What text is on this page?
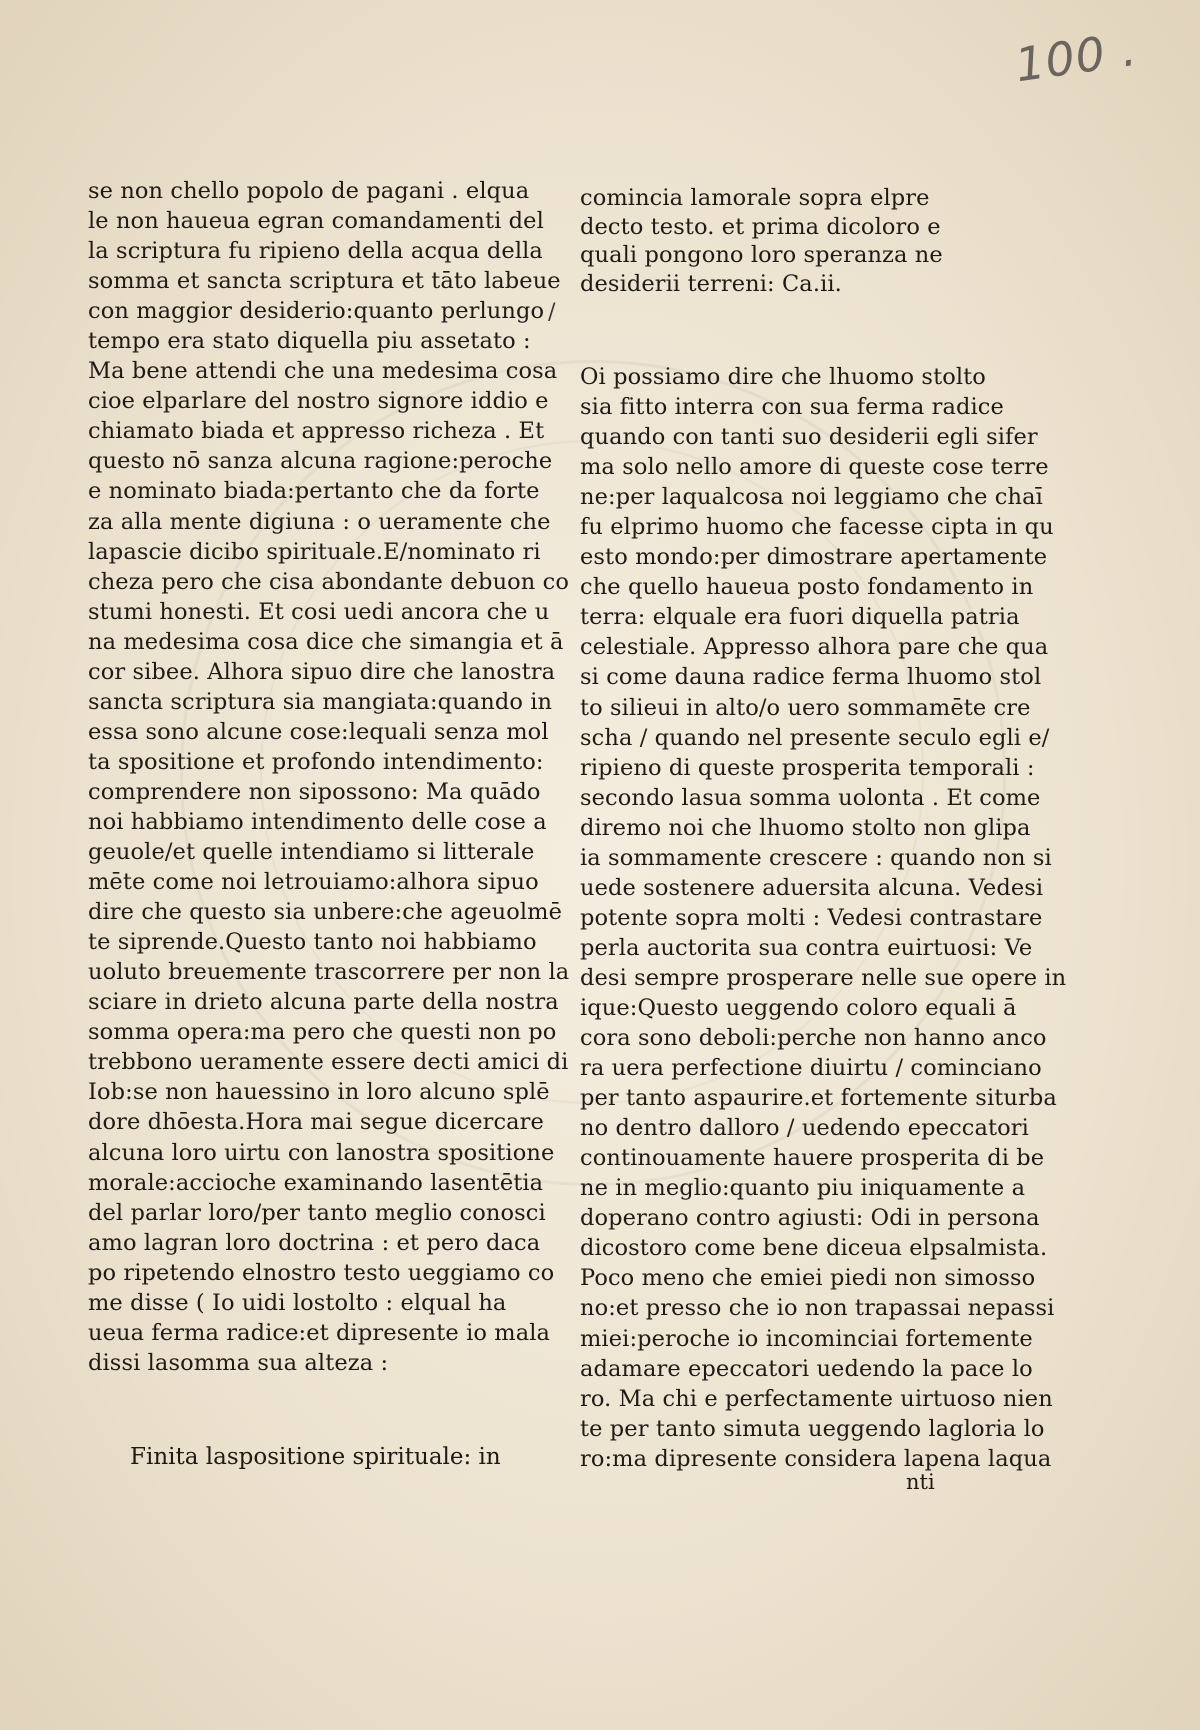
100 .
se non chello popolo de pagani . elqua
le non haueua egran comandamenti del
la scriptura fu ripieno della acqua della
somma et sancta scriptura et tāto labeue
con maggior desiderio:quanto perlungo
tempo era stato diquella piu assetato :
Ma bene attendi che una medesima cosa
cioe elparlare del nostro signore iddio e
chiamato biada et appresso richeza . Et
questo nō sanza alcuna ragione:peroche
e nominato biada:pertanto che da forte
za alla mente digiuna : o ueramente che
lapascie dicibo spirituale.E/nominato ri
cheza pero che cisa abondante debuon co
stumi honesti. Et cosi uedi ancora che u
na medesima cosa dice che simangia et ā
cor sibee. Alhora sipuo dire che lanostra
sancta scriptura sia mangiata:quando in
essa sono alcune cose:lequali senza mol
ta spositione et profondo intendimento:
comprendere non sipossono: Ma quādo
noi habbiamo intendimento delle cose a
geuole/et quelle intendiamo si litterale
mēte come noi letrouiamo:alhora sipuo
dire che questo sia unbere:che ageuolmē
te siprende.Questo tanto noi habbiamo
uoluto breuemente trascorrere per non la
sciare in drieto alcuna parte della nostra
somma opera:ma pero che questi non po
trebbono ueramente essere decti amici di
Iob:se non hauessino in loro alcuno splē
dore dhōesta.Hora mai segue dicercare
alcuna loro uirtu con lanostra spositione
morale:acciochе examinando lasentētia
del parlar loro/per tanto meglio conosci
amo lagran loro doctrina : et pero daca
po ripetendo elnostro testo ueggiamo co
me disse ( Io uidi lostolto : elqual ha
ueua ferma radice:et dipresente io mala
dissi lasomma sua alteza :
Finita laspositione spirituale: in
comincia lamorale sopra elpre
decto testo. et prima dicoloro e
quali pongono loro speranza ne
desiderii terreni: Ca.ii.
/
Oi possiamo dire che lhuomo stolto
sia fitto interra con sua ferma radice
quando con tanti suo desiderii egli sifer
ma solo nello amore di queste cose terre
ne:per laqualcosa noi leggiamo che chaī
fu elprimo huomo che facesse cipta in qu
esto mondo:per dimostrare apertamente
che quello haueua posto fondamento in
terra: elquale era fuori diquella patria
celestiale. Appresso alhora pare che qua
si come dauna radice ferma lhuomo stol
to silieui in alto/o uero sommamēte cre
scha / quando nel presente seculo egli e/
ripieno di queste prosperita temporali :
secondo lasua somma uolonta . Et come
diremo noi che lhuomo stolto non glipa
ia sommamente crescere : quando non si
uede sostenere aduersita alcuna. Vedesi
potente sopra molti : Vedesi contrastare
perla auctorita sua contra euirtuosi: Ve
desi sempre prosperare nelle sue opere in
ique:Questo ueggendo coloro equali ā
cora sono deboli:perche non hanno anco
ra uera perfectione diuirtu / cominciano
per tanto aspaurire.et fortemente siturba
no dentro dalloro / uedendo epeccatori
continouamente hauere prosperita di be
ne in meglio:quanto piu iniquamente a
doperano contro agiusti: Odi in persona
dicostoro come bene diceua elpsalmista.
Poco meno che emiei piedi non simosso
no:et presso che io non trapassai nepassi
miei:peroche io incominciai fortemente
adamare epeccatori uedendo la pace lo
ro. Ma chi e perfectamente uirtuoso nien
te per tanto simuta ueggendo lagloria lo
ro:ma dipresente considera lapena laqua
nti
